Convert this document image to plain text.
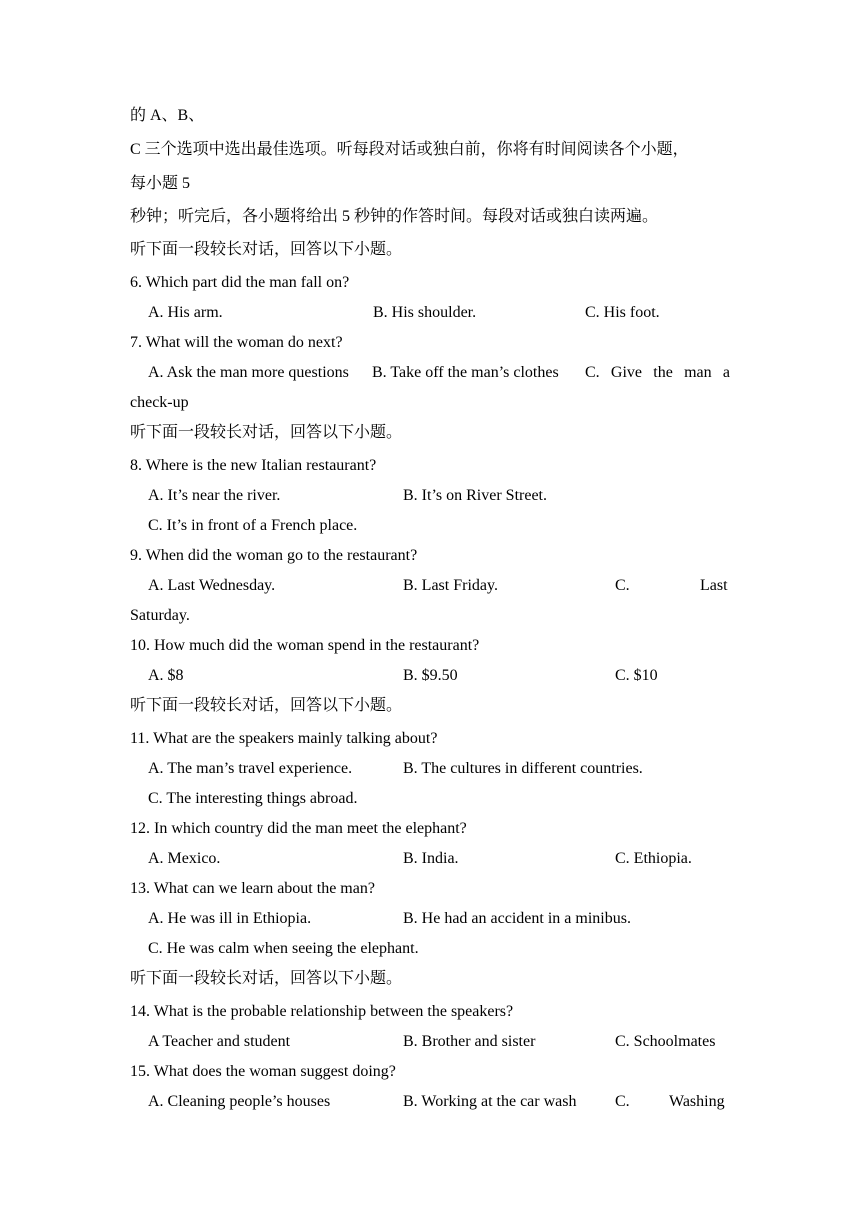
的 A、B、
C 三个选项中选出最佳选项。听每段对话或独白前，你将有时间阅读各个小题，
每小题 5
秒钟；听完后，各小题将给出 5 秒钟的作答时间。每段对话或独白读两遍。
听下面一段较长对话，回答以下小题。
6. Which part did the man fall on?
A. His arm.	B. His shoulder.	C. His foot.
7. What will the woman do next?
A. Ask the man more questions B. Take off the man’s clothes C.  Give  the  man  a
check-up
听下面一段较长对话，回答以下小题。
8. Where is the new Italian restaurant?
A. It’s near the river.	B. It’s on River Street.
C. It’s in front of a French place.
9. When did the woman go to the restaurant?
A. Last Wednesday.	B. Last Friday.	C.	Last
Saturday.
10. How much did the woman spend in the restaurant?
A. $8	B. $9.50	C. $10
听下面一段较长对话，回答以下小题。
11. What are the speakers mainly talking about?
A. The man’s travel experience.	B. The cultures in different countries.
C. The interesting things abroad.
12. In which country did the man meet the elephant?
A. Mexico.	B. India.	C. Ethiopia.
13. What can we learn about the man?
A. He was ill in Ethiopia.	B. He had an accident in a minibus.
C. He was calm when seeing the elephant.
听下面一段较长对话，回答以下小题。
14. What is the probable relationship between the speakers?
A Teacher and student	B. Brother and sister	C. Schoolmates
15. What does the woman suggest doing?
A. Cleaning people’s houses	B. Working at the car wash C. Washing
